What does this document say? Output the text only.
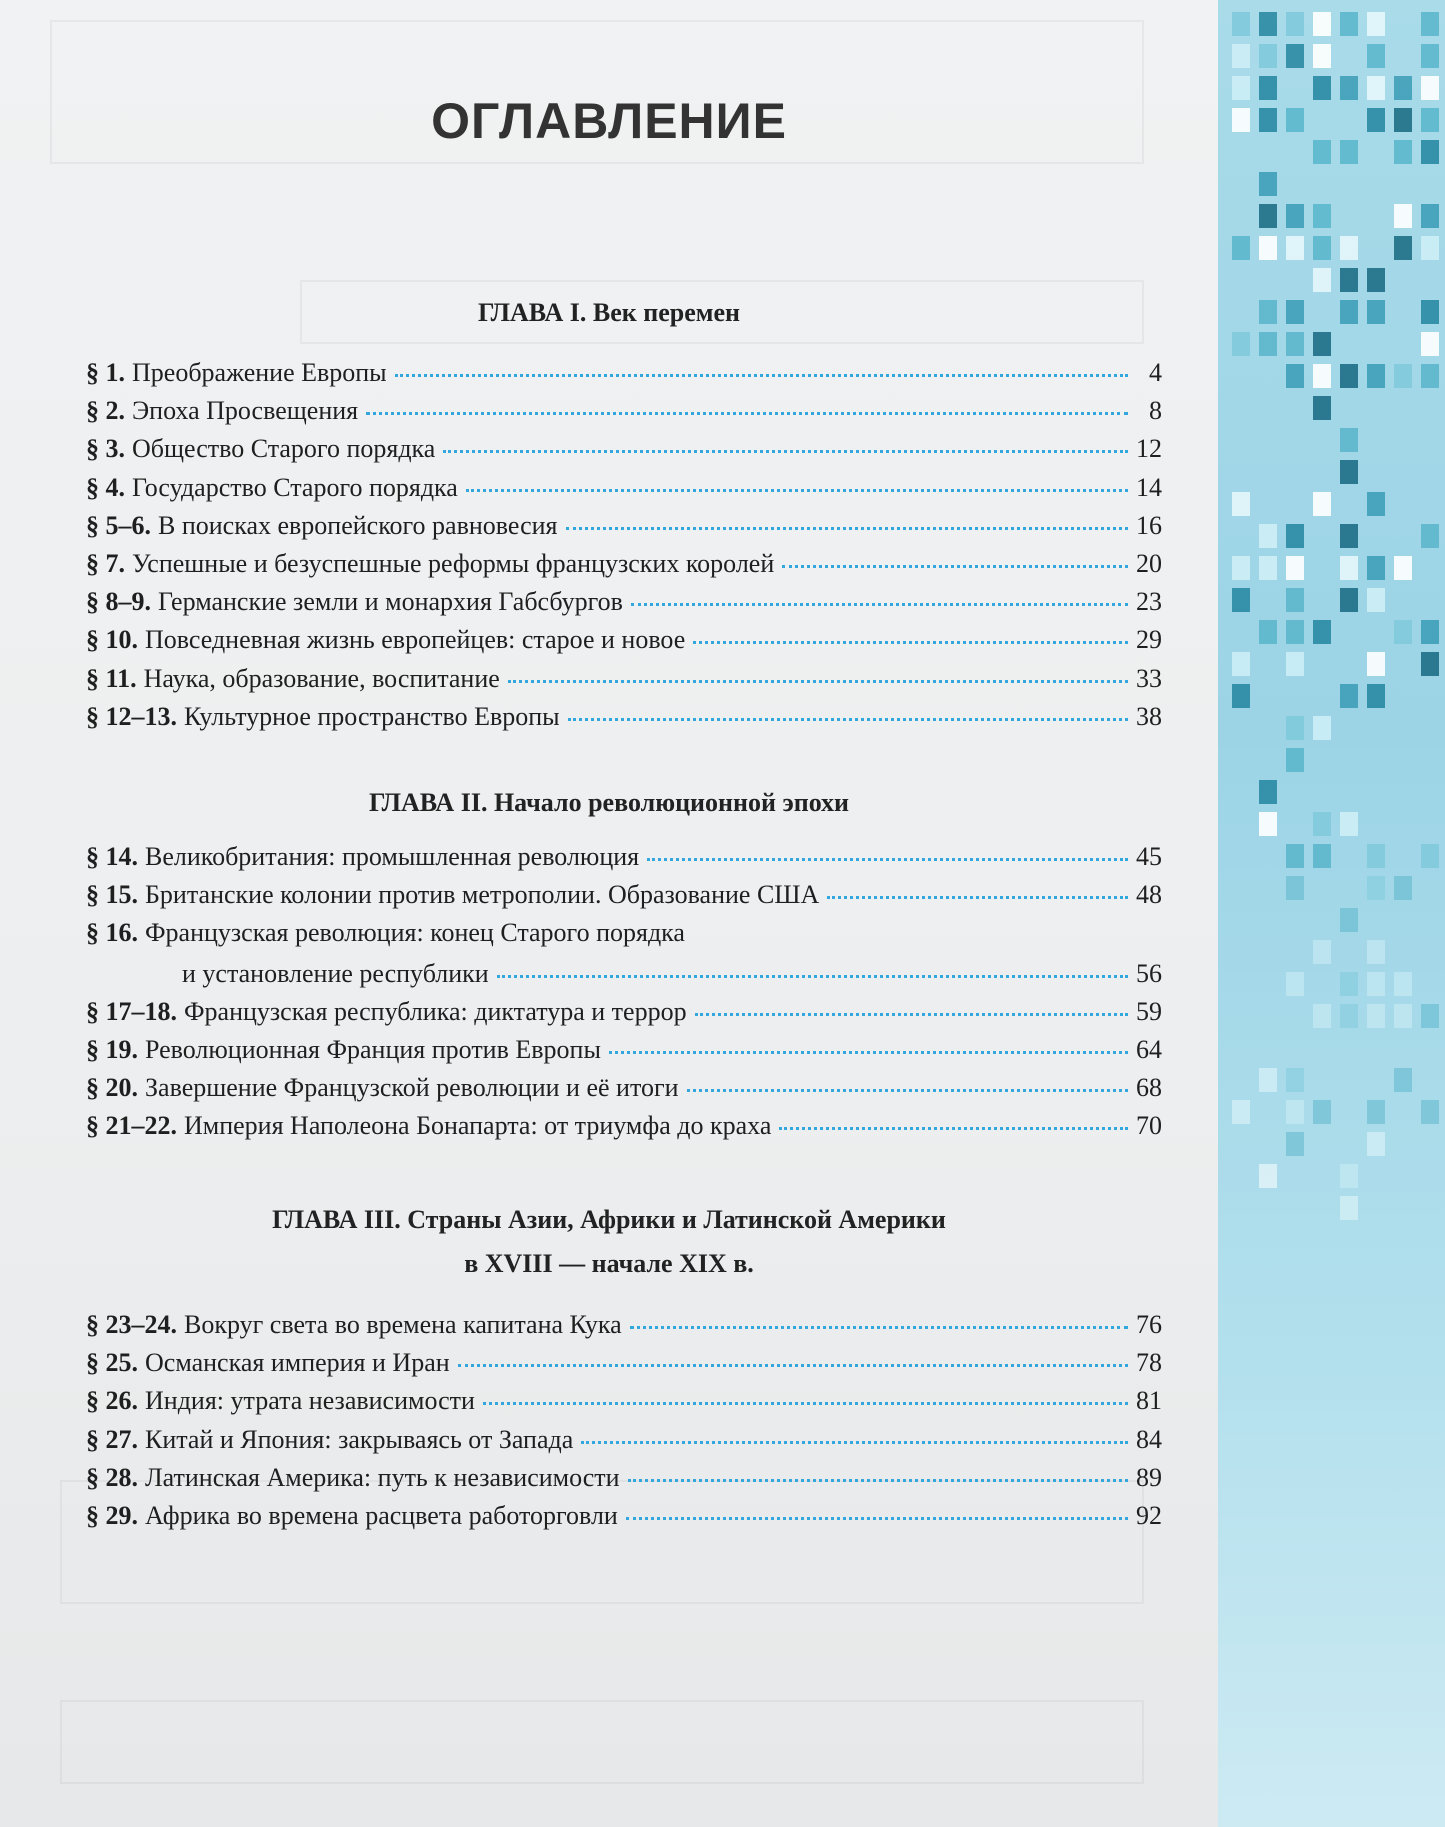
ОГЛАВЛЕНИЕ
ГЛАВА I. Век перемен
§ 1. Преображение Европы	4
§ 2. Эпоха Просвещения	8
§ 3. Общество Старого порядка	12
§ 4. Государство Старого порядка	14
§ 5–6. В поисках европейского равновесия	16
§ 7. Успешные и безуспешные реформы французских королей	20
§ 8–9. Германские земли и монархия Габсбургов	23
§ 10. Повседневная жизнь европейцев: старое и новое	29
§ 11. Наука, образование, воспитание	33
§ 12–13. Культурное пространство Европы	38
ГЛАВА II. Начало революционной эпохи
§ 14. Великобритания: промышленная революция	45
§ 15. Британские колонии против метрополии. Образование США	48
§ 16. Французская революция: конец Старого порядка
и установление республики	56
§ 17–18. Французская республика: диктатура и террор	59
§ 19. Революционная Франция против Европы	64
§ 20. Завершение Французской революции и её итоги	68
§ 21–22. Империя Наполеона Бонапарта: от триумфа до краха	70
ГЛАВА III. Страны Азии, Африки и Латинской Америки
в XVIII — начале XIX в.
§ 23–24. Вокруг света во времена капитана Кука	76
§ 25. Османская империя и Иран	78
§ 26. Индия: утрата независимости	81
§ 27. Китай и Япония: закрываясь от Запада	84
§ 28. Латинская Америка: путь к независимости	89
§ 29. Африка во времена расцвета работорговли	92
